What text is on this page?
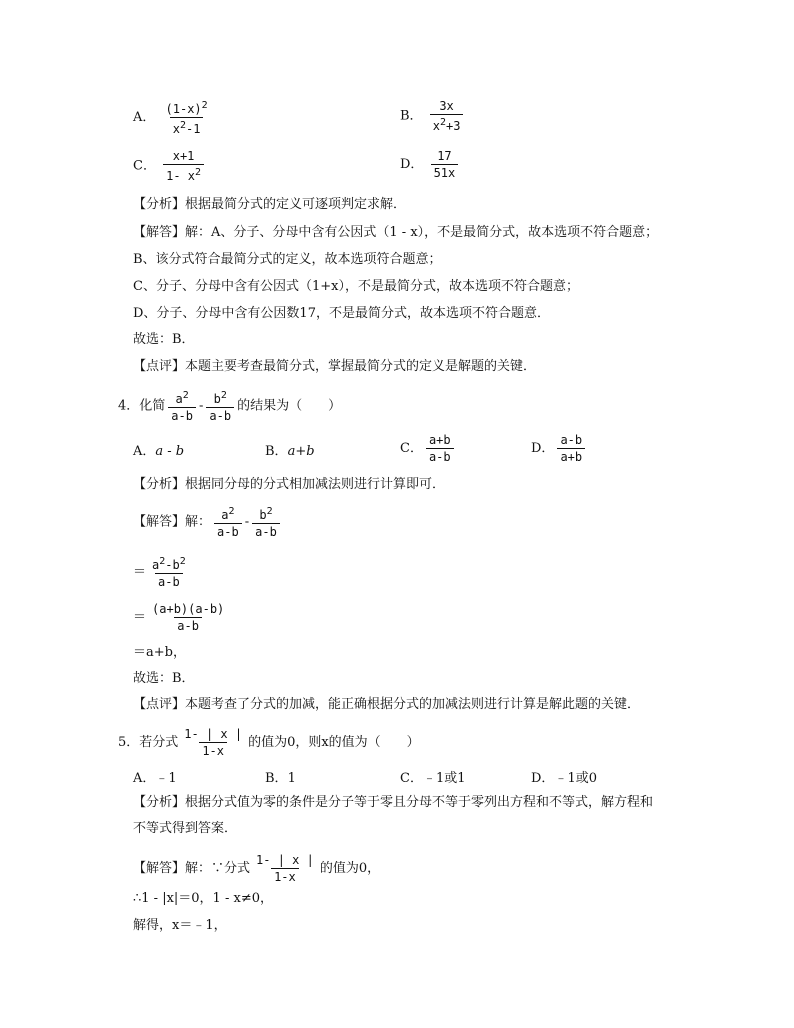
A． $\frac{(1-x)^2}{x^2-1}$	B． $\frac{3x}{x^2+3}$
C． $\frac{x+1}{1- x^2}$	D． $\frac{17}{51x}$
【分析】根据最简分式的定义可逐项判定求解．
【解答】解：A、分子、分母中含有公因式（1 - x），不是最简分式，故本选项不符合题意；
B、该分式符合最简分式的定义，故本选项符合题意；
C、分子、分母中含有公因式（1+x），不是最简分式，故本选项不符合题意；
D、分子、分母中含有公因数17，不是最简分式，故本选项不符合题意．
故选：B．
【点评】本题主要考查最简分式，掌握最简分式的定义是解题的关键．
4．化简 $\frac{a^2}{a-b} - \frac{b^2}{a-b}$ 的结果为（　　）
A．a - b	B．a+b	C． $\frac{a+b}{a-b}$	D． $\frac{a-b}{a+b}$
【分析】根据同分母的分式相加减法则进行计算即可．
【解答】解： $\frac{a^2}{a-b} - \frac{b^2}{a-b}$
＝ $\frac{a^2-b^2}{a-b}$
＝ $\frac{(a+b)(a-b)}{a-b}$
＝a+b，
故选：B．
【点评】本题考查了分式的加减，能正确根据分式的加减法则进行计算是解此题的关键．
5．若分式 $\frac{1- | x |}{1-x}$ 的值为0，则x的值为（　　）
A．﹣1	B．1	C．﹣1或1	D．﹣1或0
【分析】根据分式值为零的条件是分子等于零且分母不等于零列出方程和不等式，解方程和
不等式得到答案．
【解答】解：∵分式 $\frac{1- | x |}{1-x}$ 的值为0，
∴1 - |x|＝0，1 - x≠0，
解得，x＝﹣1，
